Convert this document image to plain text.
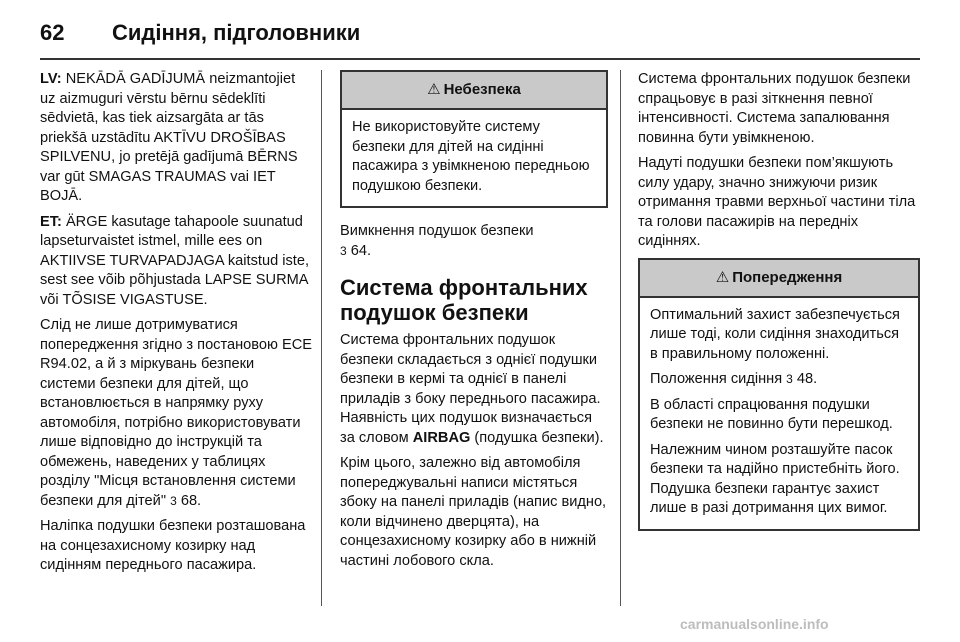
62 Сидіння, підголовники

LV: NEKĀDĀ GADĪJUMĀ neizmantojiet uz aizmuguri vērstu bērnu sēdeklīti sēdvietā, kas tiek aizsargāta ar tās priekšā uzstādītu AKTĪVU DROŠĪBAS SPILVENU, jo pretējā gadījumā BĒRNS var gūt SMAGAS TRAUMAS vai IET BOJĀ.

ET: ÄRGE kasutage tahapoole suunatud lapseturvaistet istmel, mille ees on AKTIIVSE TURVAPADJAGA kaitstud iste, sest see võib põhjustada LAPSE SURMA või TÕSISE VIGASTUSE.

Слід не лише дотримуватися попередження згідно з постановою ECE R94.02, а й з міркувань безпеки системи безпеки для дітей, що встановлюється в напрямку руху автомобіля, потрібно використовувати лише відповідно до інструкцій та обмежень, наведених у таблицях розділу "Місця встановлення системи безпеки для дітей" 3 68.

Наліпка подушки безпеки розташована на сонцезахисному козирку над сидінням переднього пасажира.

⚠ Небезпека

Не використовуйте систему безпеки для дітей на сидінні пасажира з увімкненою передньою подушкою безпеки.

Вимкнення подушок безпеки
3 64.

Система фронтальних подушок безпеки

Система фронтальних подушок безпеки складається з однієї подушки безпеки в кермі та однієї в панелі приладів з боку переднього пасажира. Наявність цих подушок визначається за словом AIRBAG (подушка безпеки).

Крім цього, залежно від автомобіля попереджувальні написи містяться збоку на панелі приладів (напис видно, коли відчинено дверцята), на сонцезахисному козирку або в нижній частині лобового скла.

Система фронтальних подушок безпеки спрацьовує в разі зіткнення певної інтенсивності. Система запалювання повинна бути увімкненою.

Надуті подушки безпеки пом’якшують силу удару, значно знижуючи ризик отримання травми верхньої частини тіла та голови пасажирів на передніх сидіннях.

⚠ Попередження

Оптимальний захист забезпечується лише тоді, коли сидіння знаходиться в правильному положенні.

Положення сидіння 3 48.

В області спрацювання подушки безпеки не повинно бути перешкод.

Належним чином розташуйте пасок безпеки та надійно пристебніть його. Подушка безпеки гарантує захист лише в разі дотримання цих вимог.

carmanualsonline.info
